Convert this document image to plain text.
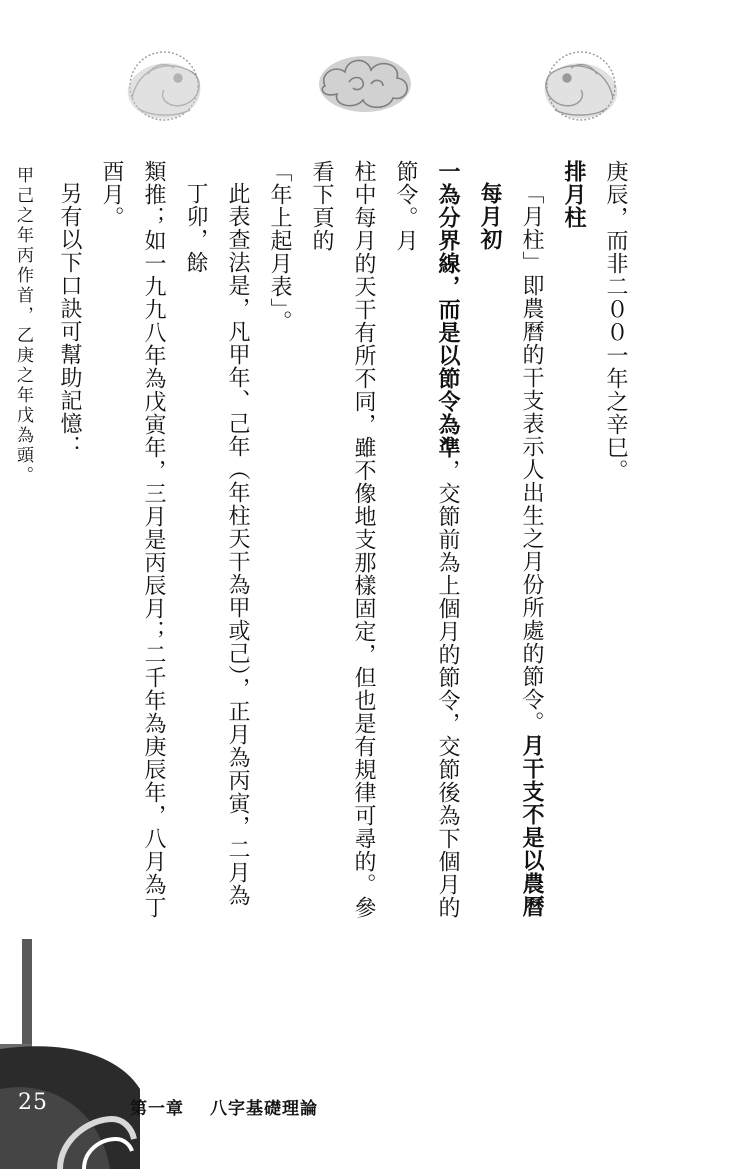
庚辰，而非二００一年之辛巳。
排月柱
「月柱」即農曆的干支表示人出生之月份所處的節令。月干支不是以農曆每月初
一為分界線，而是以節令為準，交節前為上個月的節令，交節後為下個月的節令。月
柱中每月的天干有所不同，雖不像地支那樣固定，但也是有規律可尋的。參看下頁的
「年上起月表」。
此表查法是，凡甲年、己年（年柱天干為甲或己），正月為丙寅，二月為丁卯，餘
類推；如一九九八年為戊寅年，三月是丙辰月；二千年為庚辰年，八月為丁酉月。
另有以下口訣可幫助記憶：
甲己之年丙作首，乙庚之年戊為頭。
25	第一章 八字基礎理論
